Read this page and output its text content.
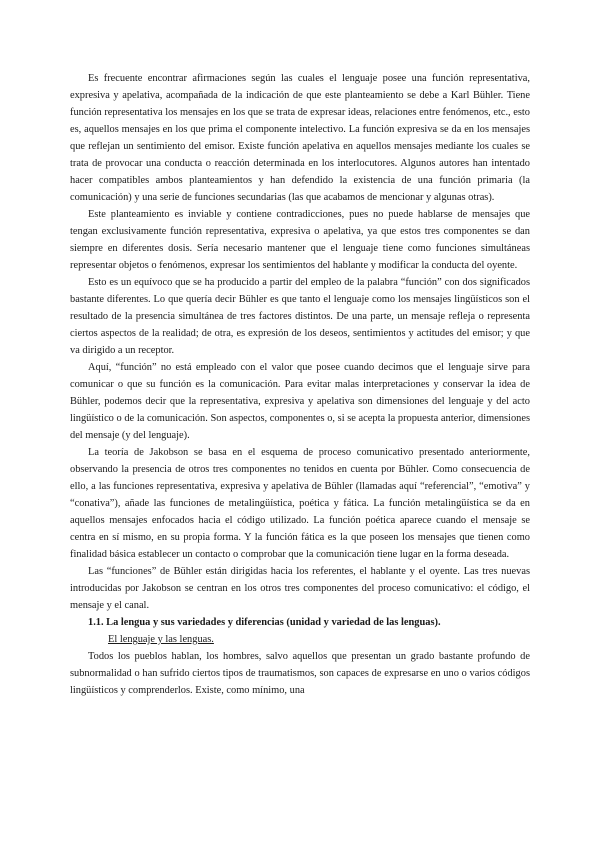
Es frecuente encontrar afirmaciones según las cuales el lenguaje posee una función representativa, expresiva y apelativa, acompañada de la indicación de que este planteamiento se debe a Karl Bühler. Tiene función representativa los mensajes en los que se trata de expresar ideas, relaciones entre fenómenos, etc., esto es, aquellos mensajes en los que prima el componente intelectivo. La función expresiva se da en los mensajes que reflejan un sentimiento del emisor. Existe función apelativa en aquellos mensajes mediante los cuales se trata de provocar una conducta o reacción determinada en los interlocutores. Algunos autores han intentado hacer compatibles ambos planteamientos y han defendido la existencia de una función primaria (la comunicación) y una serie de funciones secundarias (las que acabamos de mencionar y algunas otras).

Este planteamiento es inviable y contiene contradicciones, pues no puede hablarse de mensajes que tengan exclusivamente función representativa, expresiva o apelativa, ya que estos tres componentes se dan siempre en diferentes dosis. Sería necesario mantener que el lenguaje tiene como funciones simultáneas representar objetos o fenómenos, expresar los sentimientos del hablante y modificar la conducta del oyente.

Esto es un equívoco que se ha producido a partir del empleo de la palabra “función” con dos significados bastante diferentes. Lo que quería decir Bühler es que tanto el lenguaje como los mensajes lingüísticos son el resultado de la presencia simultánea de tres factores distintos. De una parte, un mensaje refleja o representa ciertos aspectos de la realidad; de otra, es expresión de los deseos, sentimientos y actitudes del emisor; y que va dirigido a un receptor.

Aquí, “función” no está empleado con el valor que posee cuando decimos que el lenguaje sirve para comunicar o que su función es la comunicación. Para evitar malas interpretaciones y conservar la idea de Bühler, podemos decir que la representativa, expresiva y apelativa son dimensiones del lenguaje y del acto lingüístico o de la comunicación. Son aspectos, componentes o, si se acepta la propuesta anterior, dimensiones del mensaje (y del lenguaje).

La teoría de Jakobson se basa en el esquema de proceso comunicativo presentado anteriormente, observando la presencia de otros tres componentes no tenidos en cuenta por Bühler. Como consecuencia de ello, a las funciones representativa, expresiva y apelativa de Bühler (llamadas aquí “referencial”, “emotiva” y “conativa”), añade las funciones de metalingüística, poética y fática. La función metalingüística se da en aquellos mensajes enfocados hacia el código utilizado. La función poética aparece cuando el mensaje se centra en sí mismo, en su propia forma. Y la función fática es la que poseen los mensajes que tienen como finalidad básica establecer un contacto o comprobar que la comunicación tiene lugar en la forma deseada.

Las “funciones” de Bühler están dirigidas hacia los referentes, el hablante y el oyente. Las tres nuevas introducidas por Jakobson se centran en los otros tres componentes del proceso comunicativo: el código, el mensaje y el canal.

1.1. La lengua y sus variedades y diferencias (unidad y variedad de las lenguas).
El lenguaje y las lenguas.

Todos los pueblos hablan, los hombres, salvo aquellos que presentan un grado bastante profundo de subnormalidad o han sufrido ciertos tipos de traumatismos, son capaces de expresarse en uno o varios códigos lingüísticos y comprenderlos. Existe, como mínimo, una
